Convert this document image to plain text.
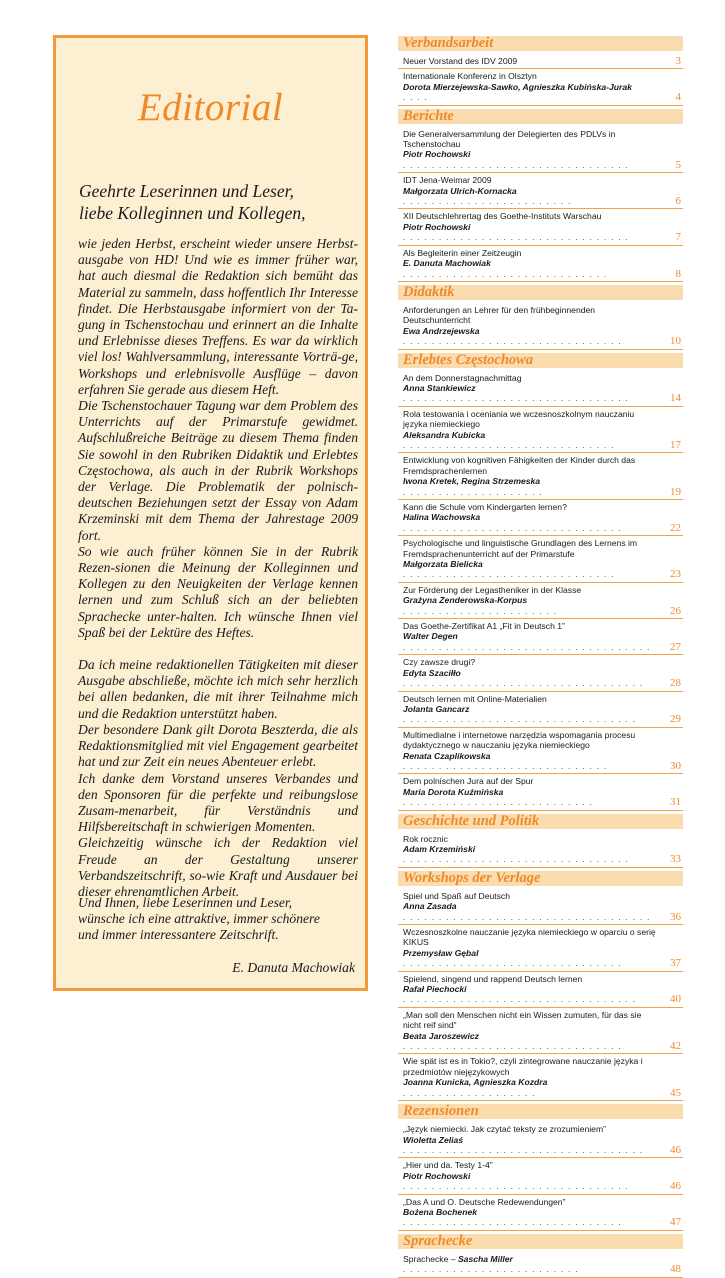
Editorial
Geehrte Leserinnen und Leser,
liebe Kolleginnen und Kollegen,

wie jeden Herbst, erscheint wieder unsere Herbst-ausgabe von HD! Und wie es immer früher war, hat auch diesmal die Redaktion sich bemüht das Material zu sammeln, dass hoffentlich Ihr Interesse findet. Die Herbstausgabe informiert von der Ta-gung in Tschenstochau und erinnert an die Inhalte und Erlebnisse dieses Treffens. Es war da wirklich viel los! Wahlversammlung, interessante Vorträ-ge, Workshops und erlebnisvolle Ausflüge – davon erfahren Sie gerade aus diesem Heft.

Die Tschenstochauer Tagung war dem Problem des Unterrichts auf der Primarstufe gewidmet. Aufschlußreiche Beiträge zu diesem Thema finden Sie sowohl in den Rubriken Didaktik und Erlebtes Częstochowa, als auch in der Rubrik Workshops der Verlage. Die Problematik der polnisch-deutschen Beziehungen setzt der Essay von Adam Krzeminski mit dem Thema der Jahrestage 2009 fort.

So wie auch früher können Sie in der Rubrik Rezen-sionen die Meinung der Kolleginnen und Kollegen zu den Neuigkeiten der Verlage kennen lernen und zum Schluß sich an der beliebten Sprachecke unter-halten. Ich wünsche Ihnen viel Spaß bei der Lektüre des Heftes.

Da ich meine redaktionellen Tätigkeiten mit dieser Ausgabe abschließe, möchte ich mich sehr herzlich bei allen bedanken, die mit ihrer Teilnahme mich und die Redaktion unterstützt haben.

Der besondere Dank gilt Dorota Beszterda, die als Redaktionsmitglied mit viel Engagement gearbeitet hat und zur Zeit ein neues Abenteuer erlebt.

Ich danke dem Vorstand unseres Verbandes und den Sponsoren für die perfekte und reibungslose Zusam-menarbeit, für Verständnis und Hilfsbereitschaft in schwierigen Momenten.

Gleichzeitig wünsche ich der Redaktion viel Freude an der Gestaltung unserer Verbandszeitschrift, so-wie Kraft und Ausdauer bei dieser ehrenamtlichen Arbeit.

Und Ihnen, liebe Leserinnen und Leser,
wünsche ich eine attraktive, immer schönere
und immer interessantere Zeitschrift.
E. Danuta Machowiak
Verbandsarbeit
Neuer Vorstand des IDV 2009	3
Internationale Konferenz in Olsztyn
Dorota Mierzejewska-Sawko, Agnieszka Kubińska-Jurak . . . .	4
Berichte
Die Generalversammlung der Delegierten des PDLVs in Tschenstochau
Piotr Rochowski . . . . . . . . . . . . . . . . . . . . . . . . . . . . . . . .	5
IDT Jena-Weimar 2009
Małgorzata Ulrich-Kornacka . . . . . . . . . . . . . . . . . . . . . . . .	6
XII Deutschlehrertag des Goethe-Instituts Warschau
Piotr Rochowski . . . . . . . . . . . . . . . . . . . . . . . . . . . . . . . .	7
Als Begleiterin einer Zeitzeugin
E. Danuta Machowiak . . . . . . . . . . . . . . . . . . . . . . . . . . . . .	8
Didaktik
Anforderungen an Lehrer für den frühbeginnenden Deutschunterricht
Ewa Andrzejewska . . . . . . . . . . . . . . . . . . . . . . . . . . . . . . .	10
Erlebtes Częstochowa
An dem Donnerstagnachmittag
Anna Stankiewicz . . . . . . . . . . . . . . . . . . . . . . . . . . . . . . . .	14
Rola testowania i oceniania we wczesnoszkolnym nauczaniu języka niemieckiego
Aleksandra Kubicka . . . . . . . . . . . . . . . . . . . . . . . . . . . . . .	17
Entwicklung von kognitiven Fähigkeiten der Kinder durch das Fremdsprachenlernen
Iwona Kretek, Regina Strzemeska . . . . . . . . . . . . . . . . . . . .	19
Kann die Schule vom Kindergarten lernen?
Halina Wachowska . . . . . . . . . . . . . . . . . . . . . . . . . . . . . . .	22
Psychologische und linguistische Grundlagen des Lernens im Fremdsprachenunterricht auf der Primarstufe
Małgorzata Bielicka . . . . . . . . . . . . . . . . . . . . . . . . . . . . . .	23
Zur Förderung der Legastheniker in der Klasse
Grażyna Zenderowska-Korpus . . . . . . . . . . . . . . . . . . . . . .	26
Das Goethe-Zertifikat A1 „Fit in Deutsch 1”
Walter Degen . . . . . . . . . . . . . . . . . . . . . . . . . . . . . . . . . . . 27
Czy zawsze drugi?
Edyta Szaciłło . . . . . . . . . . . . . . . . . . . . . . . . . . . . . . . . . . 28
Deutsch lernen mit Online-Materialien
Jolanta Gancarz . . . . . . . . . . . . . . . . . . . . . . . . . . . . . . . . .	29
Multimedialne i internetowe narzędzia wspomagania procesu dydaktycznego w nauczaniu języka niemieckiego
Renata Czaplikowska . . . . . . . . . . . . . . . . . . . . . . . . . . . . .	30
Dem polnischen Jura auf der Spur
Maria Dorota Kuźmińska . . . . . . . . . . . . . . . . . . . . . . . . . . .	31
Geschichte und Politik
Rok rocznic
Adam Krzemiński . . . . . . . . . . . . . . . . . . . . . . . . . . . . . . . .	33
Workshops der Verlage
Spiel und Spaß auf Deutsch
Anna Zasada . . . . . . . . . . . . . . . . . . . . . . . . . . . . . . . . . . . 36
Wczesnoszkolne nauczanie języka niemieckiego w oparciu o serię KIKUS
Przemysław Gębal . . . . . . . . . . . . . . . . . . . . . . . . . . . . . . .	37
Spielend, singend und rappend Deutsch lernen
Rafał Piechocki . . . . . . . . . . . . . . . . . . . . . . . . . . . . . . . . .	40
„Man soll den Menschen nicht ein Wissen zumuten, für das sie nicht reif sind”
Beata Jaroszewicz . . . . . . . . . . . . . . . . . . . . . . . . . . . . . . .	42
Wie spät ist es in Tokio?, czyli zintegrowane nauczanie języka i przedmiotów niejęzykowych
Joanna Kunicka, Agnieszka Kozdra . . . . . . . . . . . . . . . . . . .	45
Rezensionen
„Język niemiecki. Jak czytać teksty ze zrozumieniem”
Wioletta Zeliaś . . . . . . . . . . . . . . . . . . . . . . . . . . . . . . . . . . 46
„Hier und da. Testy 1-4”
Piotr Rochowski . . . . . . . . . . . . . . . . . . . . . . . . . . . . . . . .	46
„Das A und O. Deutsche Redewendungen”
Bożena Bochenek . . . . . . . . . . . . . . . . . . . . . . . . . . . . . . .	47
Sprachecke
Sprachecke – Sascha Miller . . . . . . . . . . . . . . . . . . . . . . . . .	48
